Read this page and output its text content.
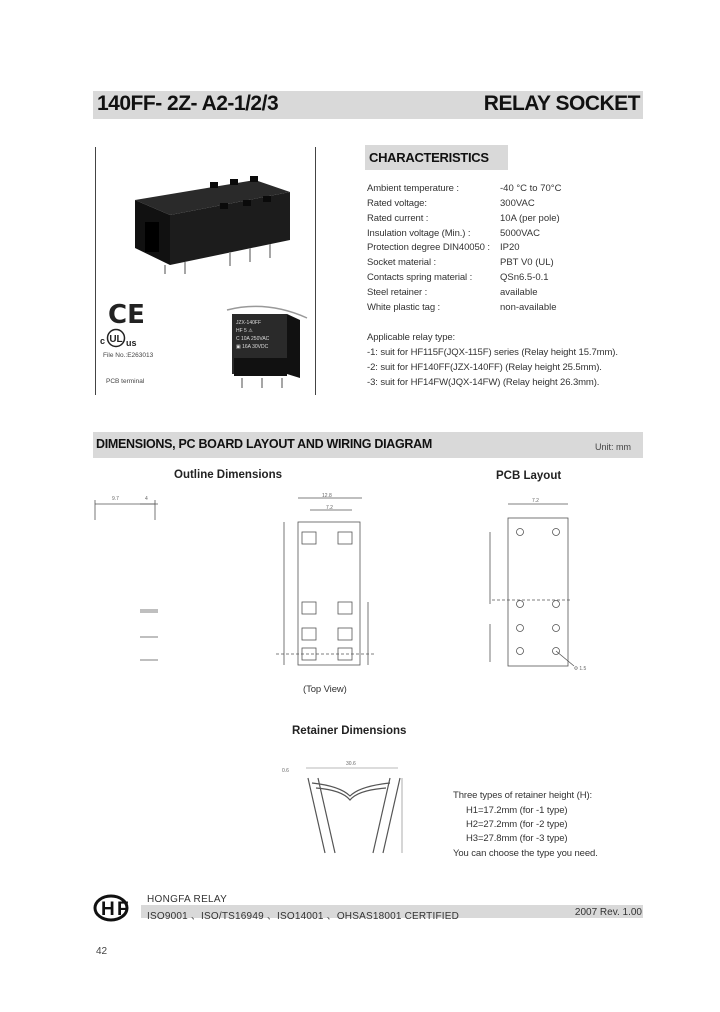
140FF- 2Z- A2-1/2/3	RELAY SOCKET
CE
c UL us
File No.:E263013
PCB terminal
JZX-140FF
HF 5 ⚠
C 10A 250VAC
▣ 16A 30VDC
CHARACTERISTICS
Ambient temperature :	-40 °C to 70°C
Rated voltage:	300VAC
Rated current :	10A (per pole)
Insulation voltage (Min.) :	5000VAC
Protection degree DIN40050 : IP20
Socket material :	PBT V0 (UL)
Contacts spring material :	QSn6.5-0.1
Steel retainer :	available
White plastic tag :	non-available
Applicable relay type:
-1: suit for HF115F(JQX-115F) series (Relay height 15.7mm).
-2: suit for HF140FF(JZX-140FF) (Relay height 25.5mm).
-3: suit for HF14FW(JQX-14FW) (Relay height 26.3mm).
DIMENSIONS, PC BOARD LAYOUT AND WIRING DIAGRAM	Unit: mm
Outline Dimensions	PCB Layout
9.7	4	12.8
7.2
(Top View)
7.2
Φ 1.5
Retainer Dimensions
0.6
30.6
Three types of retainer height (H):
H1=17.2mm (for -1 type)
H2=27.2mm (for -2 type)
H3=27.8mm (for -3 type)
You can choose the type you need.
H F HONGFA RELAY
ISO9001 、ISO/TS16949 、ISO14001 、OHSAS18001 CERTIFIED	2007 Rev. 1.00
42
